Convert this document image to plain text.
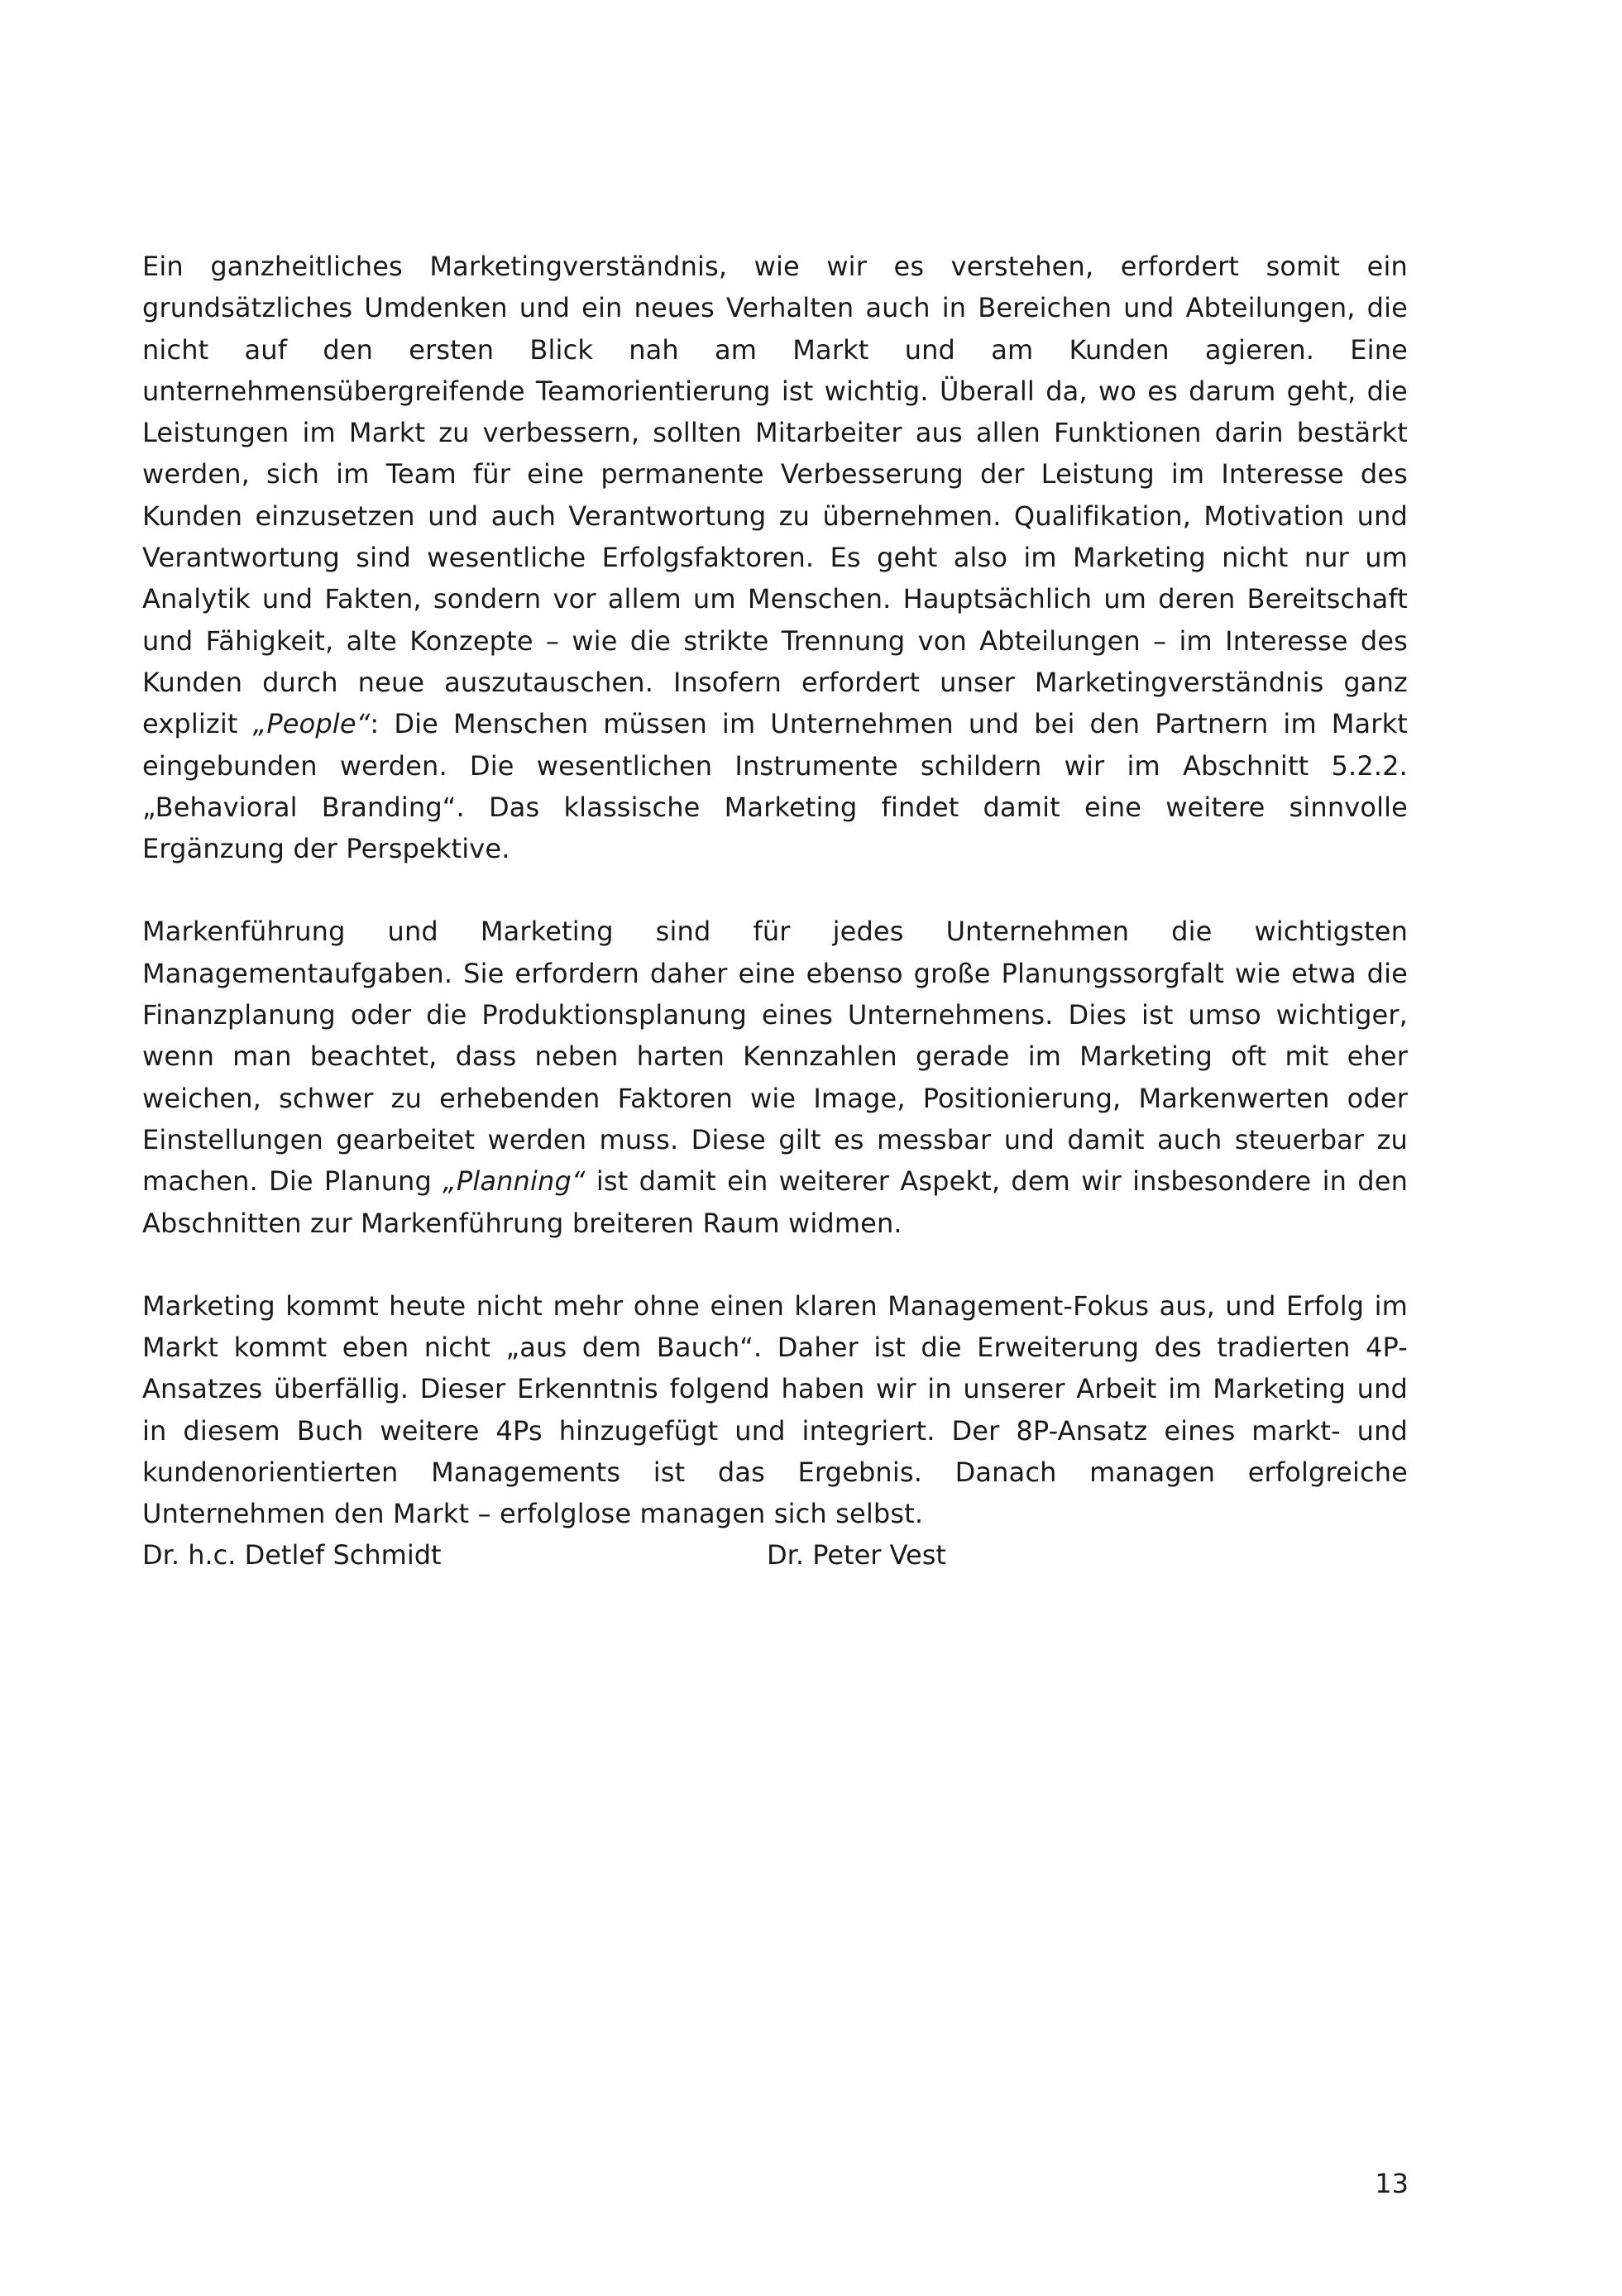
Ein ganzheitliches Marketingverständnis, wie wir es verstehen, erfordert somit ein grundsätzliches Umdenken und ein neues Verhalten auch in Bereichen und Abteilungen, die nicht auf den ersten Blick nah am Markt und am Kunden agieren. Eine unternehmensübergreifende Teamorientierung ist wichtig. Überall da, wo es darum geht, die Leistungen im Markt zu verbessern, sollten Mitarbeiter aus allen Funktionen darin bestärkt werden, sich im Team für eine permanente Verbesserung der Leistung im Interesse des Kunden einzusetzen und auch Verantwortung zu übernehmen. Qualifikation, Motivation und Verantwortung sind wesentliche Erfolgsfaktoren. Es geht also im Marketing nicht nur um Analytik und Fakten, sondern vor allem um Menschen. Hauptsächlich um deren Bereitschaft und Fähigkeit, alte Konzepte – wie die strikte Trennung von Abteilungen – im Interesse des Kunden durch neue auszutauschen. Insofern erfordert unser Marketingverständnis ganz explizit „People“: Die Menschen müssen im Unternehmen und bei den Partnern im Markt eingebunden werden. Die wesentlichen Instrumente schildern wir im Abschnitt 5.2.2. „Behavioral Branding“. Das klassische Marketing findet damit eine weitere sinnvolle Ergänzung der Perspektive.

Markenführung und Marketing sind für jedes Unternehmen die wichtigsten Managementaufgaben. Sie erfordern daher eine ebenso große Planungssorgfalt wie etwa die Finanzplanung oder die Produktionsplanung eines Unternehmens. Dies ist umso wichtiger, wenn man beachtet, dass neben harten Kennzahlen gerade im Marketing oft mit eher weichen, schwer zu erhebenden Faktoren wie Image, Positionierung, Markenwerten oder Einstellungen gearbeitet werden muss. Diese gilt es messbar und damit auch steuerbar zu machen. Die Planung „Planning“ ist damit ein weiterer Aspekt, dem wir insbesondere in den Abschnitten zur Markenführung breiteren Raum widmen.

Marketing kommt heute nicht mehr ohne einen klaren Management-Fokus aus, und Erfolg im Markt kommt eben nicht „aus dem Bauch“. Daher ist die Erweiterung des tradierten 4P-Ansatzes überfällig. Dieser Erkenntnis folgend haben wir in unserer Arbeit im Marketing und in diesem Buch weitere 4Ps hinzugefügt und integriert. Der 8P-Ansatz eines markt- und kundenorientierten Managements ist das Ergebnis. Danach managen erfolgreiche Unternehmen den Markt – erfolglose managen sich selbst.

Dr. h.c. Detlef Schmidt	Dr. Peter Vest
13
